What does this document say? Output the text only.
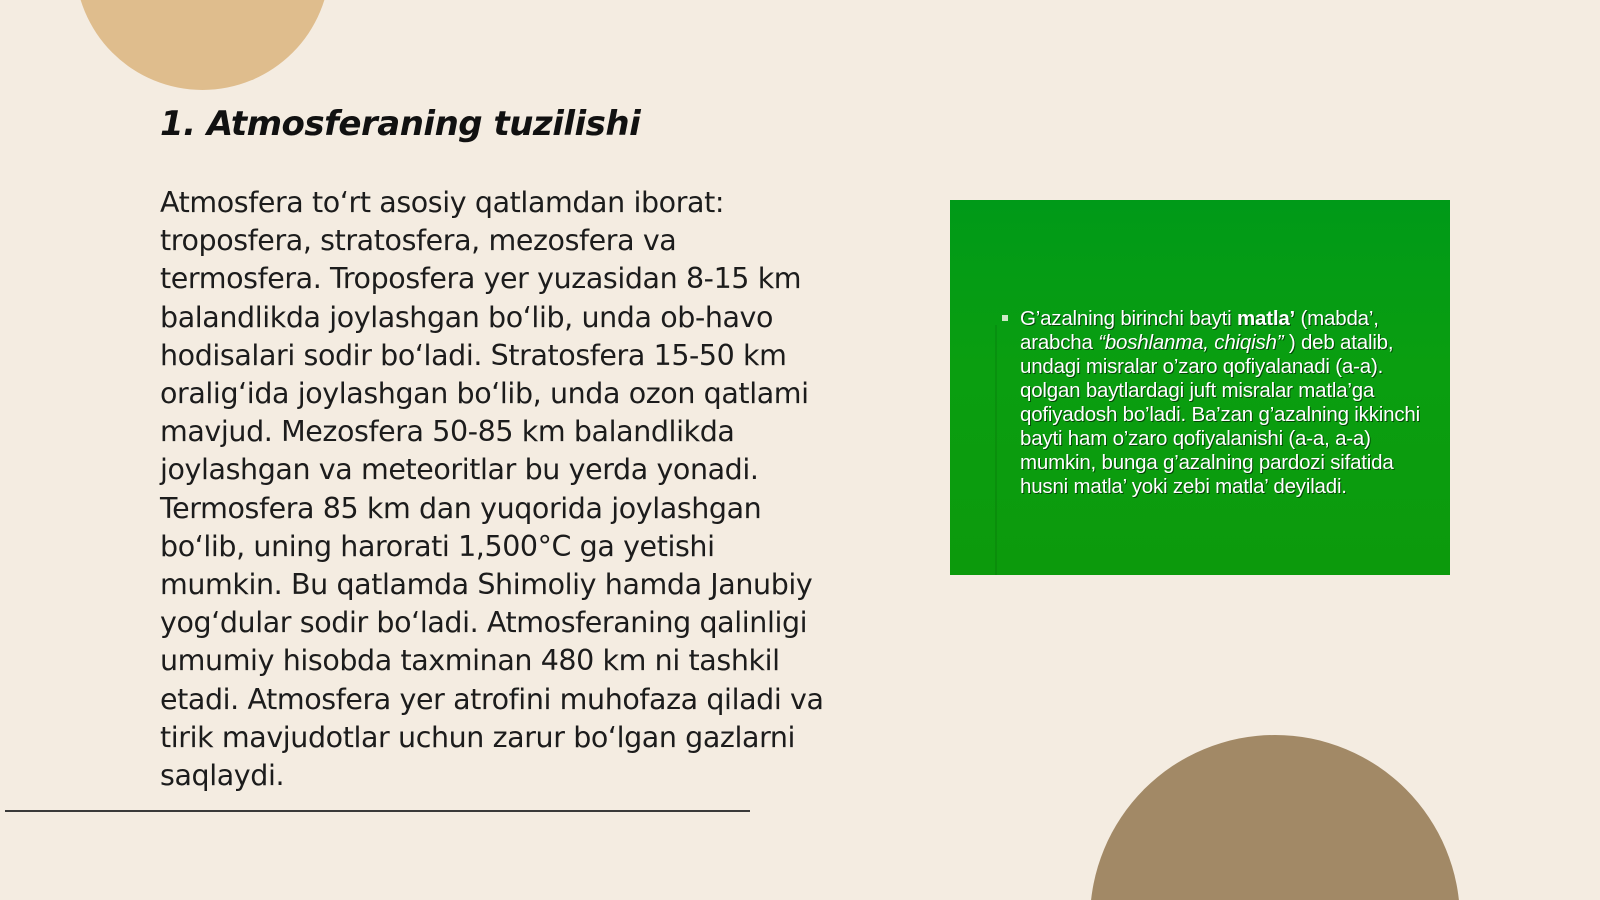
1. Atmosferaning tuzilishi

Atmosfera to‘rt asosiy qatlamdan iborat: troposfera, stratosfera, mezosfera va termosfera. Troposfera yer yuzasidan 8-15 km balandlikda joylashgan bo‘lib, unda ob-havo hodisalari sodir bo‘ladi. Stratosfera 15-50 km oralig‘ida joylashgan bo‘lib, unda ozon qatlami mavjud. Mezosfera 50-85 km balandlikda joylashgan va meteoritlar bu yerda yonadi. Termosfera 85 km dan yuqorida joylashgan bo‘lib, uning harorati 1,500°C ga yetishi mumkin. Bu qatlamda Shimoliy hamda Janubiy yog‘dular sodir bo‘ladi. Atmosferaning qalinligi umumiy hisobda taxminan 480 km ni tashkil etadi. Atmosfera yer atrofini muhofaza qiladi va tirik mavjudotlar uchun zarur bo‘lgan gazlarni saqlaydi.

G’azalning birinchi bayti matla’ (mabda’, arabcha “boshlanma, chiqish” ) deb atalib, undagi misralar o’zaro qofiyalanadi (a-a). qolgan baytlardagi juft misralar matla’ga qofiyadosh bo’ladi. Ba’zan g’azalning ikkinchi bayti ham o’zaro qofiyalanishi (a-a, a-a) mumkin, bunga g’azalning pardozi sifatida husni matla’ yoki zebi matla’ deyiladi.
